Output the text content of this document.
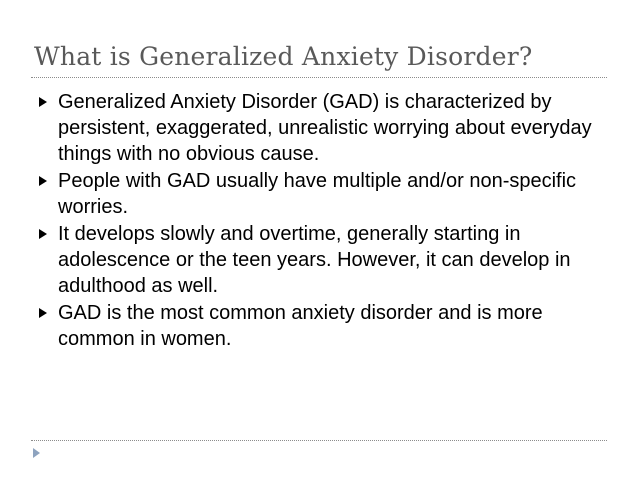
What is Generalized Anxiety Disorder?
Generalized Anxiety Disorder (GAD) is characterized by persistent, exaggerated, unrealistic worrying about everyday things with no obvious cause.
People with GAD usually have multiple and/or non-specific worries.
It develops slowly and overtime, generally starting in adolescence or the teen years. However, it can develop in adulthood as well.
GAD is the most common anxiety disorder and is more common in women.
